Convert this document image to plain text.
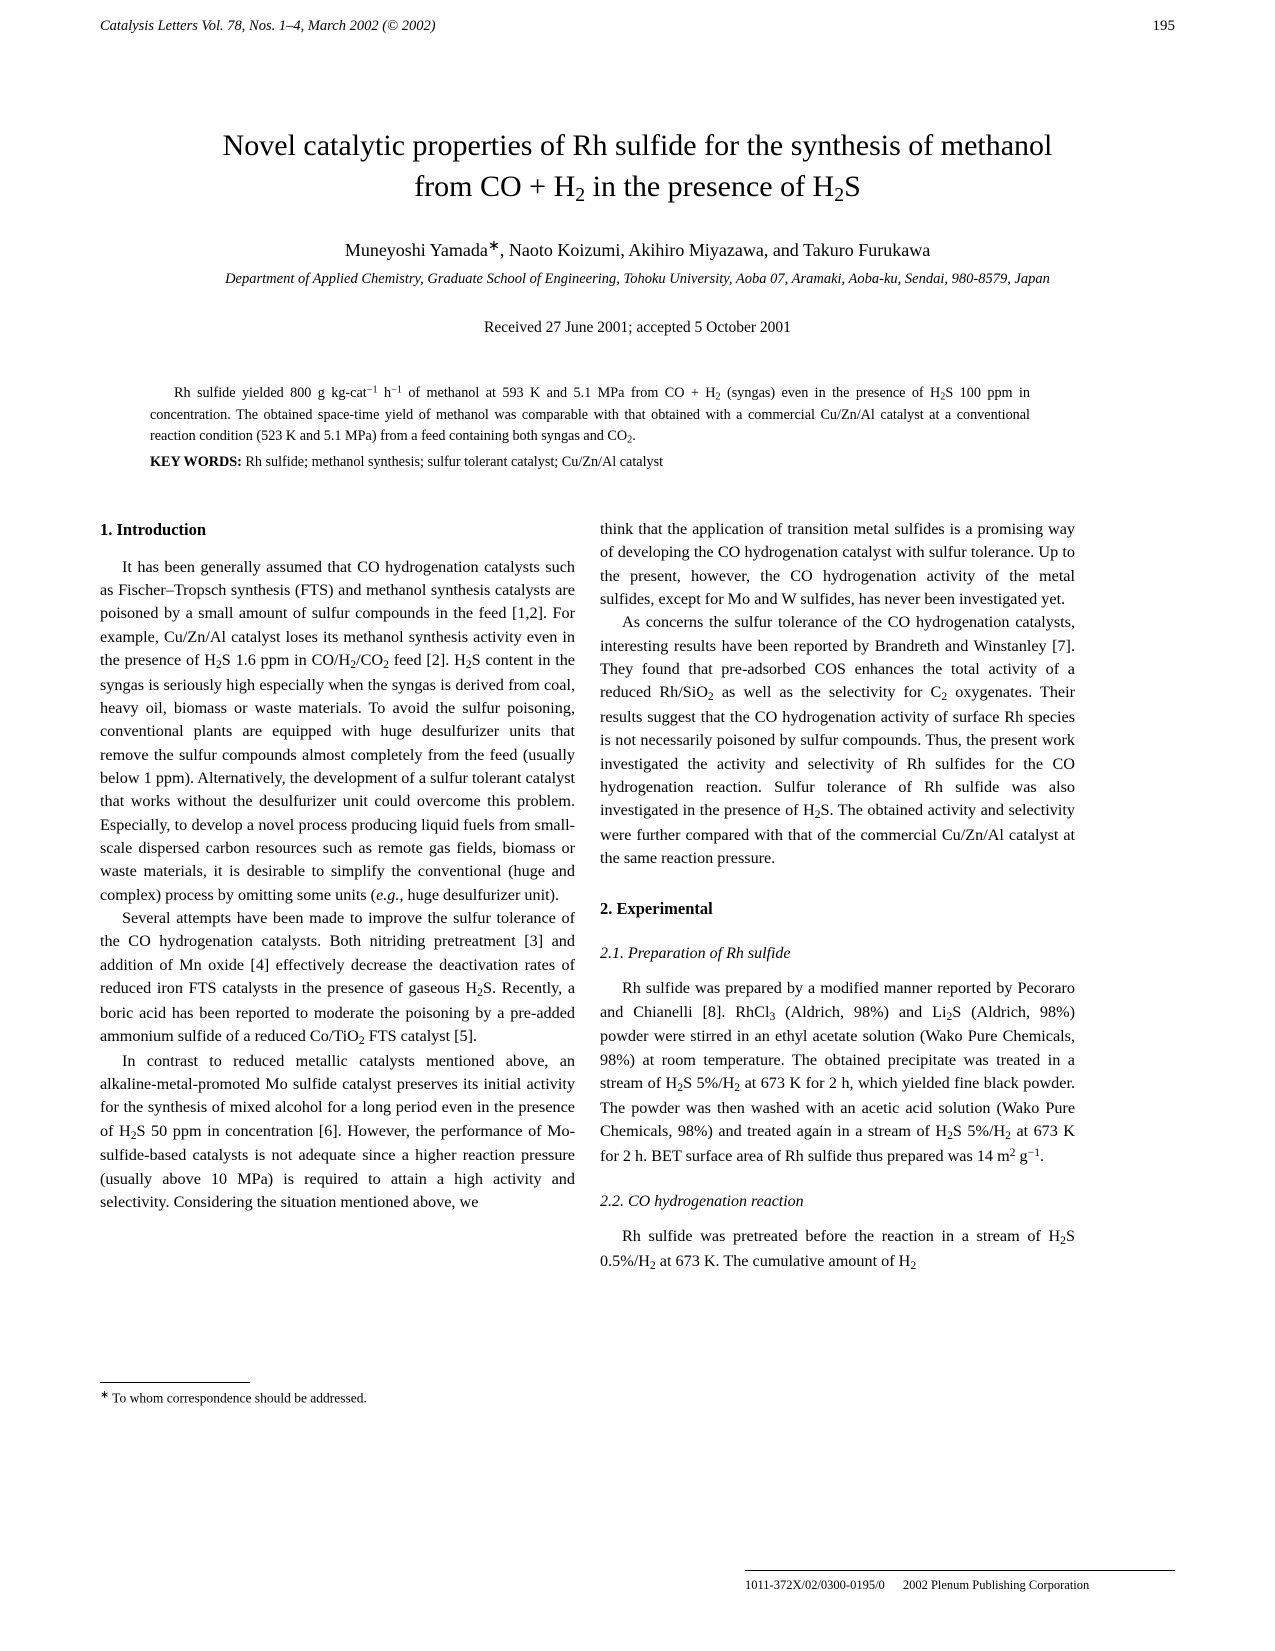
Catalysis Letters Vol. 78, Nos. 1–4, March 2002 (© 2002)	195
Novel catalytic properties of Rh sulfide for the synthesis of methanol
from CO + $H_2$ in the presence of $H_2S$
Muneyoshi Yamada∗, Naoto Koizumi, Akihiro Miyazawa, and Takuro Furukawa
Department of Applied Chemistry, Graduate School of Engineering, Tohoku University, Aoba 07, Aramaki, Aoba-ku, Sendai, 980-8579, Japan
Received 27 June 2001; accepted 5 October 2001

Rh sulfide yielded 800 g kg-cat$^{-1}$ $h^{-1}$ of methanol at 593 K and 5.1 MPa from CO + $H_2$ (syngas) even in the presence of $H_2S$ 100 ppm in concentration. The obtained space-time yield of methanol was comparable with that obtained with a commercial Cu/Zn/Al catalyst at a conventional reaction condition (523 K and 5.1 MPa) from a feed containing both syngas and $CO_2$.

KEY WORDS: Rh sulfide; methanol synthesis; sulfur tolerant catalyst; Cu/Zn/Al catalyst
1. Introduction

It has been generally assumed that CO hydrogenation catalysts such as Fischer–Tropsch synthesis (FTS) and methanol synthesis catalysts are poisoned by a small amount of sulfur compounds in the feed [1,2]. For example, Cu/Zn/Al catalyst loses its methanol synthesis activity even in the presence of $H_2S$ 1.6 ppm in $CO/H_2/CO_2$ feed [2]. $H_2S$ content in the syngas is seriously high especially when the syngas is derived from coal, heavy oil, biomass or waste materials. To avoid the sulfur poisoning, conventional plants are equipped with huge desulfurizer units that remove the sulfur compounds almost completely from the feed (usually below 1 ppm). Alternatively, the development of a sulfur tolerant catalyst that works without the desulfurizer unit could overcome this problem. Especially, to develop a novel process producing liquid fuels from small-scale dispersed carbon resources such as remote gas fields, biomass or waste materials, it is desirable to simplify the conventional (huge and complex) process by omitting some units (e.g., huge desulfurizer unit).

Several attempts have been made to improve the sulfur tolerance of the CO hydrogenation catalysts. Both nitriding pretreatment [3] and addition of Mn oxide [4] effectively decrease the deactivation rates of reduced iron FTS catalysts in the presence of gaseous $H_2S$. Recently, a boric acid has been reported to moderate the poisoning by a pre-added ammonium sulfide of a reduced Co/TiO$_2$ FTS catalyst [5].

In contrast to reduced metallic catalysts mentioned above, an alkaline-metal-promoted Mo sulfide catalyst preserves its initial activity for the synthesis of mixed alcohol for a long period even in the presence of $H_2S$ 50 ppm in concentration [6]. However, the performance of Mo-sulfide-based catalysts is not adequate since a higher reaction pressure (usually above 10 MPa) is required to attain a high activity and selectivity. Considering the situation mentioned above, we

think that the application of transition metal sulfides is a promising way of developing the CO hydrogenation catalyst with sulfur tolerance. Up to the present, however, the CO hydrogenation activity of the metal sulfides, except for Mo and W sulfides, has never been investigated yet.

As concerns the sulfur tolerance of the CO hydrogenation catalysts, interesting results have been reported by Brandreth and Winstanley [7]. They found that pre-adsorbed COS enhances the total activity of a reduced Rh/SiO$_2$ as well as the selectivity for $C_2$ oxygenates. Their results suggest that the CO hydrogenation activity of surface Rh species is not necessarily poisoned by sulfur compounds. Thus, the present work investigated the activity and selectivity of Rh sulfides for the CO hydrogenation reaction. Sulfur tolerance of Rh sulfide was also investigated in the presence of $H_2S$. The obtained activity and selectivity were further compared with that of the commercial Cu/Zn/Al catalyst at the same reaction pressure.

2. Experimental
2.1. Preparation of Rh sulfide

Rh sulfide was prepared by a modified manner reported by Pecoraro and Chianelli [8]. RhCl$_3$ (Aldrich, 98%) and $Li_2S$ (Aldrich, 98%) powder were stirred in an ethyl acetate solution (Wako Pure Chemicals, 98%) at room temperature. The obtained precipitate was treated in a stream of $H_2S$ $5\%/H_2$ at 673 K for 2 h, which yielded fine black powder. The powder was then washed with an acetic acid solution (Wako Pure Chemicals, 98%) and treated again in a stream of $H_2S$ $5\%/H_2$ at 673 K for 2 h. BET surface area of Rh sulfide thus prepared was 14 $m^2$ $g^{-1}$.

2.2. CO hydrogenation reaction

Rh sulfide was pretreated before the reaction in a stream of $H_2S$ $0.5\%/H_2$ at 673 K. The cumulative amount of $H_2$

∗ To whom correspondence should be addressed.
1011-372X/02/0300-0195/0 2002 Plenum Publishing Corporation
